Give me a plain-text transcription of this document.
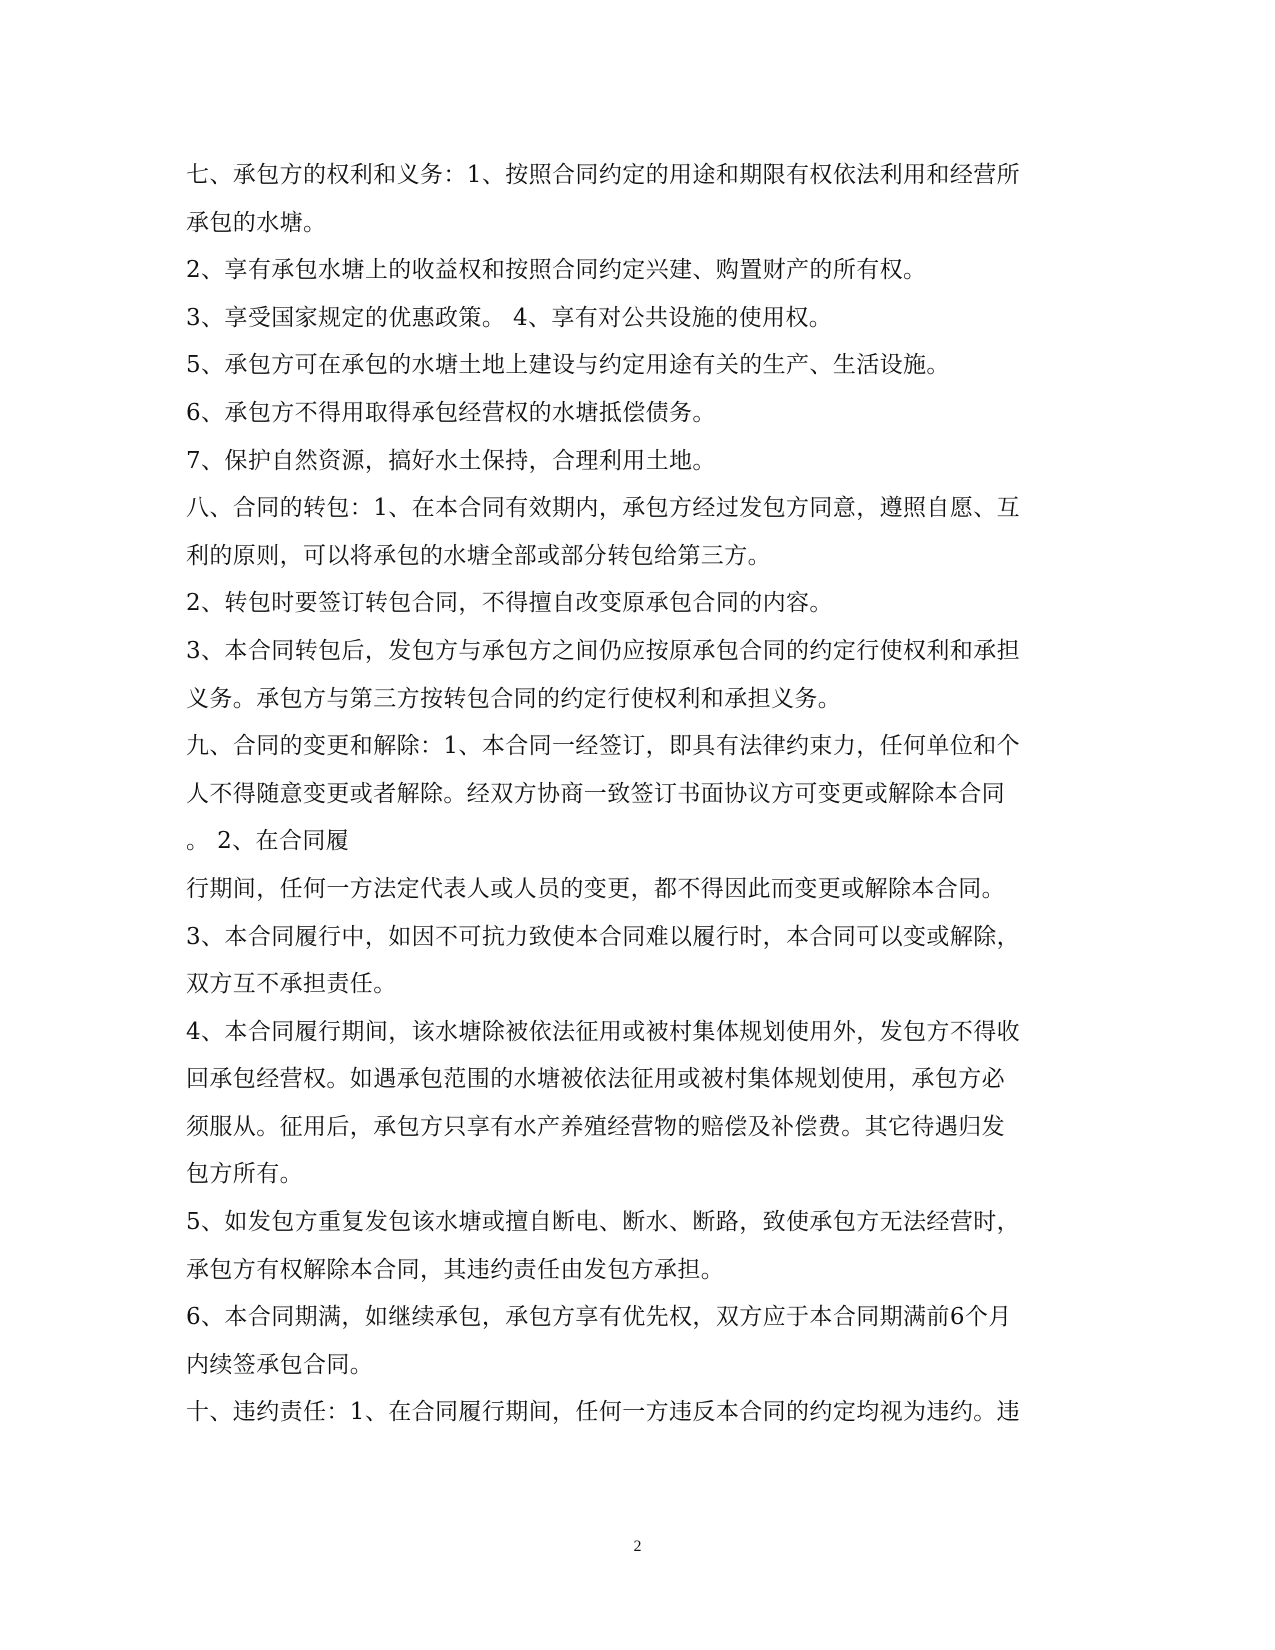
七、承包方的权利和义务：1、按照合同约定的用途和期限有权依法利用和经营所
承包的水塘。
2、享有承包水塘上的收益权和按照合同约定兴建、购置财产的所有权。
3、享受国家规定的优惠政策。 4、享有对公共设施的使用权。
5、承包方可在承包的水塘土地上建设与约定用途有关的生产、生活设施。
6、承包方不得用取得承包经营权的水塘抵偿债务。
7、保护自然资源，搞好水土保持，合理利用土地。
八、合同的转包：1、在本合同有效期内，承包方经过发包方同意，遵照自愿、互
利的原则，可以将承包的水塘全部或部分转包给第三方。
2、转包时要签订转包合同，不得擅自改变原承包合同的内容。
3、本合同转包后，发包方与承包方之间仍应按原承包合同的约定行使权利和承担
义务。承包方与第三方按转包合同的约定行使权利和承担义务。
九、合同的变更和解除：1、本合同一经签订，即具有法律约束力，任何单位和个
人不得随意变更或者解除。经双方协商一致签订书面协议方可变更或解除本合同
。 2、在合同履
行期间，任何一方法定代表人或人员的变更，都不得因此而变更或解除本合同。
3、本合同履行中，如因不可抗力致使本合同难以履行时，本合同可以变或解除，
双方互不承担责任。
4、本合同履行期间，该水塘除被依法征用或被村集体规划使用外，发包方不得收
回承包经营权。如遇承包范围的水塘被依法征用或被村集体规划使用，承包方必
须服从。征用后，承包方只享有水产养殖经营物的赔偿及补偿费。其它待遇归发
包方所有。
5、如发包方重复发包该水塘或擅自断电、断水、断路，致使承包方无法经营时，
承包方有权解除本合同，其违约责任由发包方承担。
6、本合同期满，如继续承包，承包方享有优先权，双方应于本合同期满前6个月
内续签承包合同。
十、违约责任：1、在合同履行期间，任何一方违反本合同的约定均视为违约。违
2
